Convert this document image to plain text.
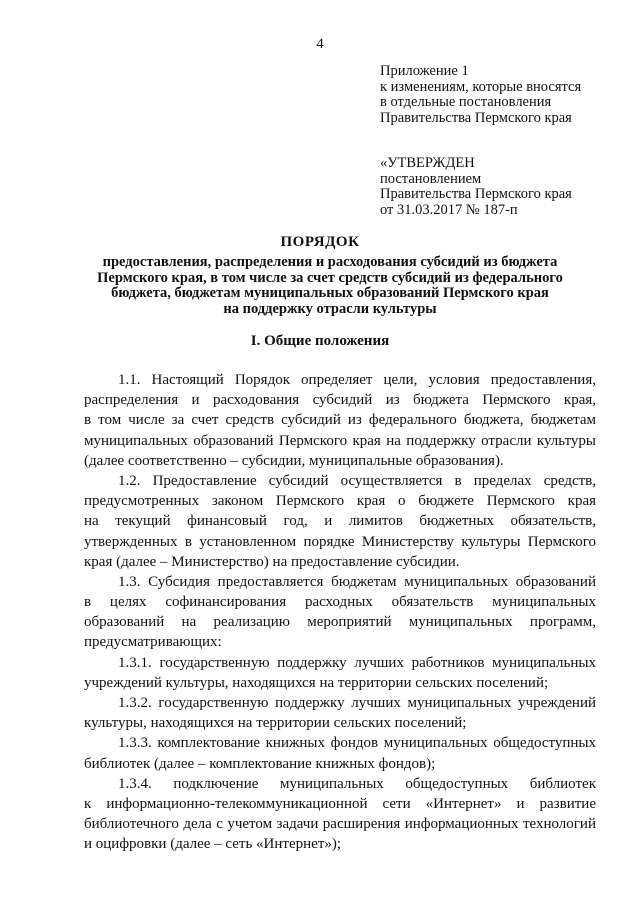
4
Приложение 1
к изменениям, которые вносятся
в отдельные постановления
Правительства Пермского края
«УТВЕРЖДЕН
постановлением
Правительства Пермского края
от 31.03.2017 № 187-п
ПОРЯДОК
предоставления, распределения и расходования субсидий из бюджета
Пермского края, в том числе за счет средств субсидий из федерального
бюджета, бюджетам муниципальных образований Пермского края
на поддержку отрасли культуры
I. Общие положения
1.1. Настоящий Порядок определяет цели, условия предоставления,
распределения и расходования субсидий из бюджета Пермского края,
в том числе за счет средств субсидий из федерального бюджета, бюджетам
муниципальных образований Пермского края на поддержку отрасли культуры
(далее соответственно – субсидии, муниципальные образования).
1.2. Предоставление субсидий осуществляется в пределах средств,
предусмотренных законом Пермского края о бюджете Пермского края
на текущий финансовый год, и лимитов бюджетных обязательств,
утвержденных в установленном порядке Министерству культуры Пермского
края (далее – Министерство) на предоставление субсидии.
1.3. Субсидия предоставляется бюджетам муниципальных образований
в целях софинансирования расходных обязательств муниципальных
образований на реализацию мероприятий муниципальных программ,
предусматривающих:
1.3.1. государственную поддержку лучших работников муниципальных
учреждений культуры, находящихся на территории сельских поселений;
1.3.2. государственную поддержку лучших муниципальных учреждений
культуры, находящихся на территории сельских поселений;
1.3.3. комплектование книжных фондов муниципальных общедоступных
библиотек (далее – комплектование книжных фондов);
1.3.4. подключение муниципальных общедоступных библиотек
к информационно-телекоммуникационной сети «Интернет» и развитие
библиотечного дела с учетом задачи расширения информационных технологий
и оцифровки (далее – сеть «Интернет»);
